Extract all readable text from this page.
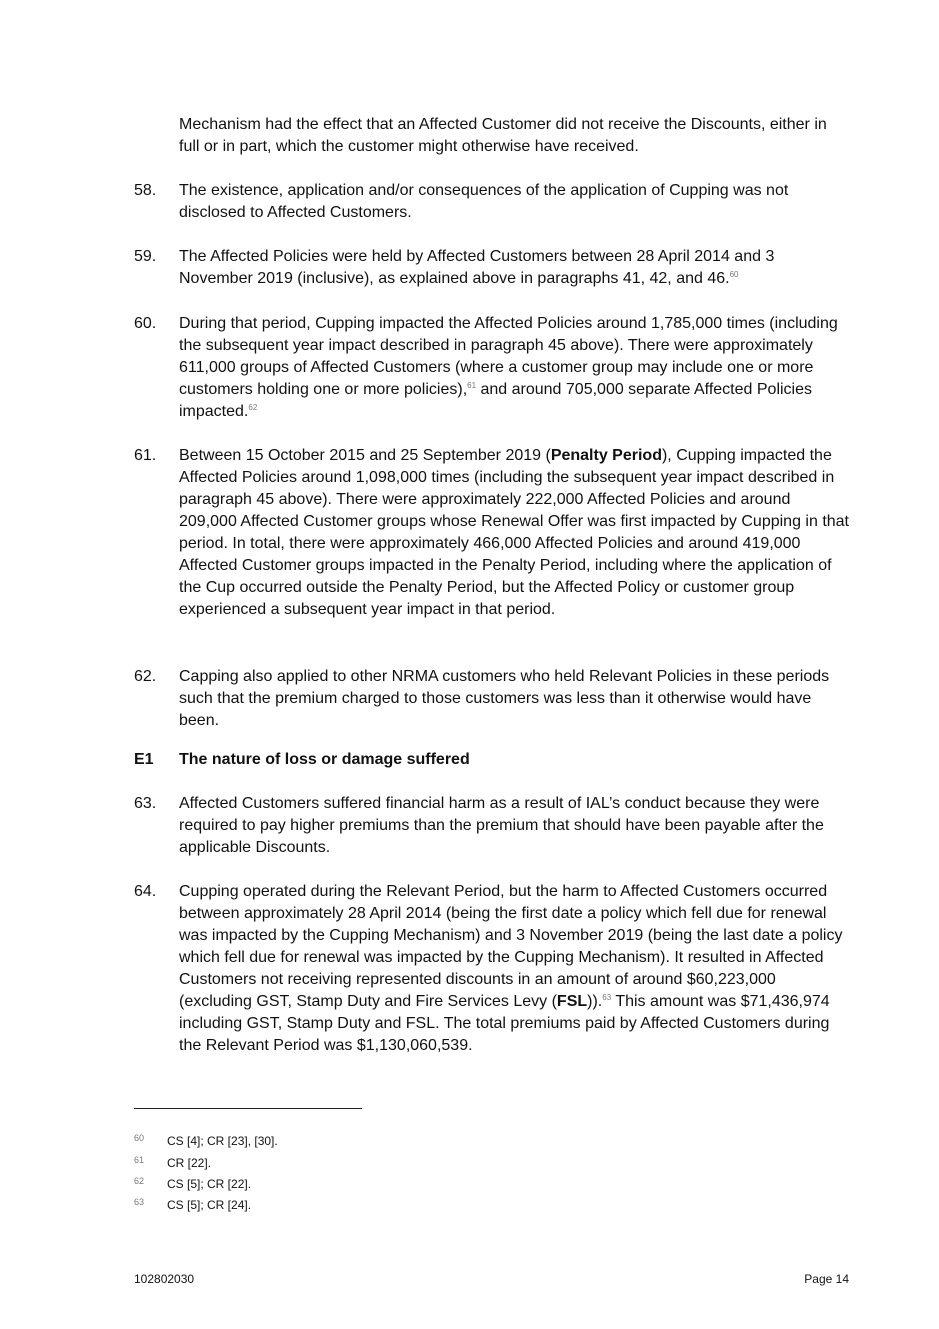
Mechanism had the effect that an Affected Customer did not receive the Discounts, either in full or in part, which the customer might otherwise have received.

58. The existence, application and/or consequences of the application of Cupping was not disclosed to Affected Customers.

59. The Affected Policies were held by Affected Customers between 28 April 2014 and 3 November 2019 (inclusive), as explained above in paragraphs 41, 42, and 46.60

60. During that period, Cupping impacted the Affected Policies around 1,785,000 times (including the subsequent year impact described in paragraph 45 above). There were approximately 611,000 groups of Affected Customers (where a customer group may include one or more customers holding one or more policies),$^{61}$ and around 705,000 separate Affected Policies impacted.$^{62}$

61. Between 15 October 2015 and 25 September 2019 (Penalty Period), Cupping impacted the Affected Policies around 1,098,000 times (including the subsequent year impact described in paragraph 45 above). There were approximately 222,000 Affected Policies and around 209,000 Affected Customer groups whose Renewal Offer was first impacted by Cupping in that period. In total, there were approximately 466,000 Affected Policies and around 419,000 Affected Customer groups impacted in the Penalty Period, including where the application of the Cup occurred outside the Penalty Period, but the Affected Policy or customer group experienced a subsequent year impact in that period.

62. Capping also applied to other NRMA customers who held Relevant Policies in these periods such that the premium charged to those customers was less than it otherwise would have been.

E1 The nature of loss or damage suffered
63. Affected Customers suffered financial harm as a result of IAL’s conduct because they were required to pay higher premiums than the premium that should have been payable after the applicable Discounts.

64. Cupping operated during the Relevant Period, but the harm to Affected Customers occurred between approximately 28 April 2014 (being the first date a policy which fell due for renewal was impacted by the Cupping Mechanism) and 3 November 2019 (being the last date a policy which fell due for renewal was impacted by the Cupping Mechanism). It resulted in Affected Customers not receiving represented discounts in an amount of around $60,223,000 (excluding GST, Stamp Duty and Fire Services Levy (FSL)).$^{63}$ This amount was $71,436,974 including GST, Stamp Duty and FSL. The total premiums paid by Affected Customers during the Relevant Period was $1,130,060,539.

60 CS [4]; CR [23], [30].
61 CR [22].
62 CS [5]; CR [22].
63 CS [5]; CR [24].
102802030	Page 14
